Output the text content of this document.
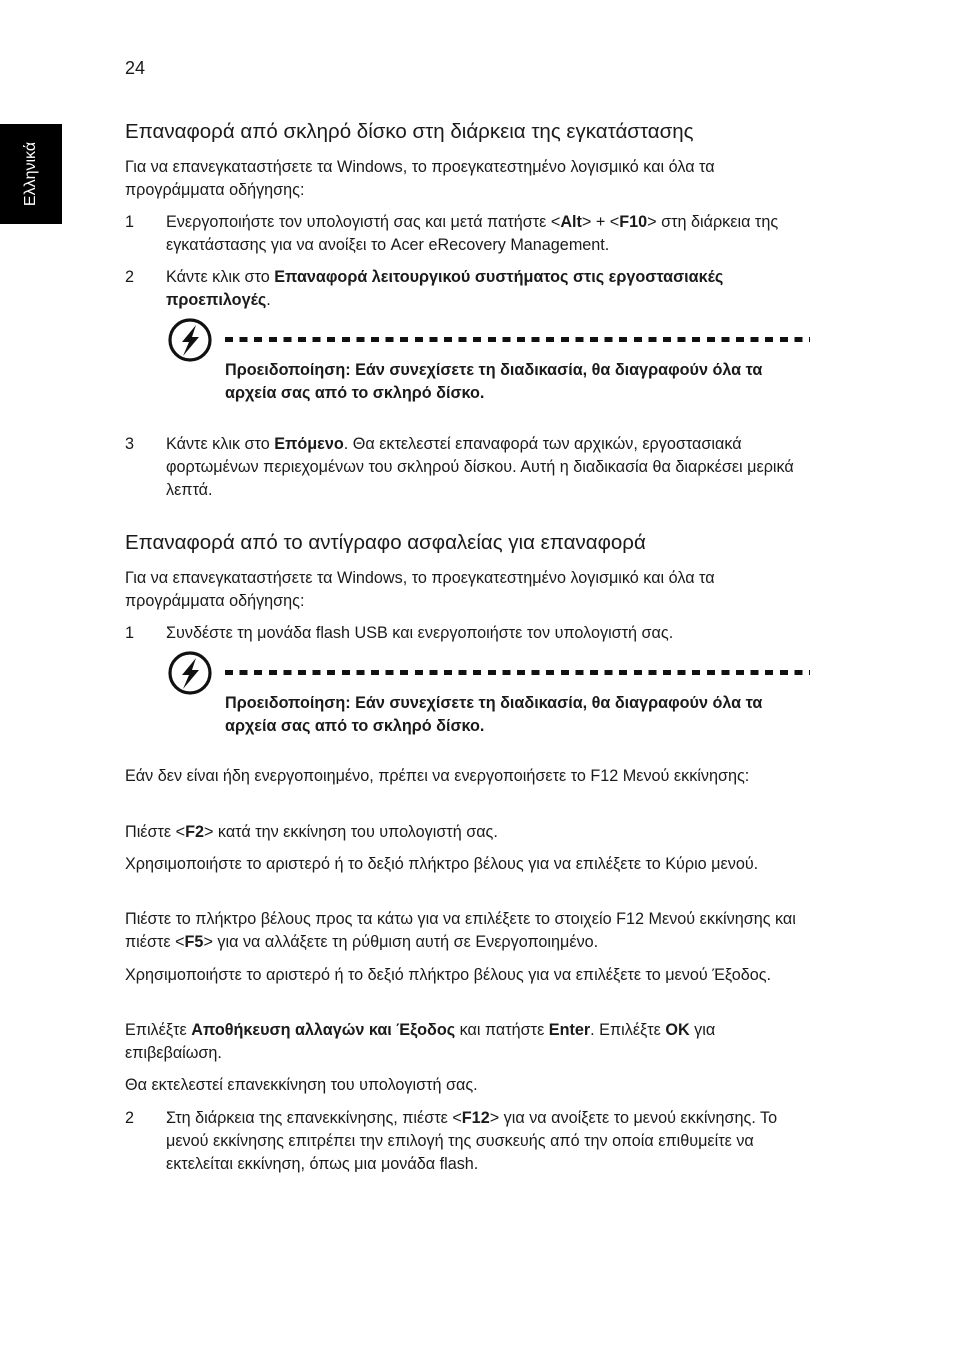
24
Ελληνικά
Επαναφορά από σκληρό δίσκο στη διάρκεια της εγκατάστασης
Για να επανεγκαταστήσετε τα Windows, το προεγκατεστημένο λογισμικό και όλα τα προγράμματα οδήγησης:
1	Ενεργοποιήστε τον υπολογιστή σας και μετά πατήστε <Alt> + <F10> στη διάρκεια της εγκατάστασης για να ανοίξει το Acer eRecovery Management.
2	Κάντε κλικ στο Επαναφορά λειτουργικού συστήματος στις εργοστασιακές προεπιλογές.
Προειδοποίηση: Εάν συνεχίσετε τη διαδικασία, θα διαγραφούν όλα τα αρχεία σας από το σκληρό δίσκο.
3	Κάντε κλικ στο Επόμενο. Θα εκτελεστεί επαναφορά των αρχικών, εργοστασιακά φορτωμένων περιεχομένων του σκληρού δίσκου. Αυτή η διαδικασία θα διαρκέσει μερικά λεπτά.
Επαναφορά από το αντίγραφο ασφαλείας για επαναφορά
Για να επανεγκαταστήσετε τα Windows, το προεγκατεστημένο λογισμικό και όλα τα προγράμματα οδήγησης:
1	Συνδέστε τη μονάδα flash USB και ενεργοποιήστε τον υπολογιστή σας.
Προειδοποίηση: Εάν συνεχίσετε τη διαδικασία, θα διαγραφούν όλα τα αρχεία σας από το σκληρό δίσκο.
Εάν δεν είναι ήδη ενεργοποιημένο, πρέπει να ενεργοποιήσετε το F12 Μενού εκκίνησης:
Πιέστε <F2> κατά την εκκίνηση του υπολογιστή σας.
Χρησιμοποιήστε το αριστερό ή το δεξιό πλήκτρο βέλους για να επιλέξετε το Κύριο μενού.
Πιέστε το πλήκτρο βέλους προς τα κάτω για να επιλέξετε το στοιχείο F12 Μενού εκκίνησης και πιέστε <F5> για να αλλάξετε τη ρύθμιση αυτή σε Ενεργοποιημένο.
Χρησιμοποιήστε το αριστερό ή το δεξιό πλήκτρο βέλους για να επιλέξετε το μενού Έξοδος.
Επιλέξτε Αποθήκευση αλλαγών και Έξοδος και πατήστε Enter. Επιλέξτε OK για επιβεβαίωση.
Θα εκτελεστεί επανεκκίνηση του υπολογιστή σας.
2	Στη διάρκεια της επανεκκίνησης, πιέστε <F12> για να ανοίξετε το μενού εκκίνησης. Το μενού εκκίνησης επιτρέπει την επιλογή της συσκευής από την οποία επιθυμείτε να εκτελείται εκκίνηση, όπως μια μονάδα flash.
